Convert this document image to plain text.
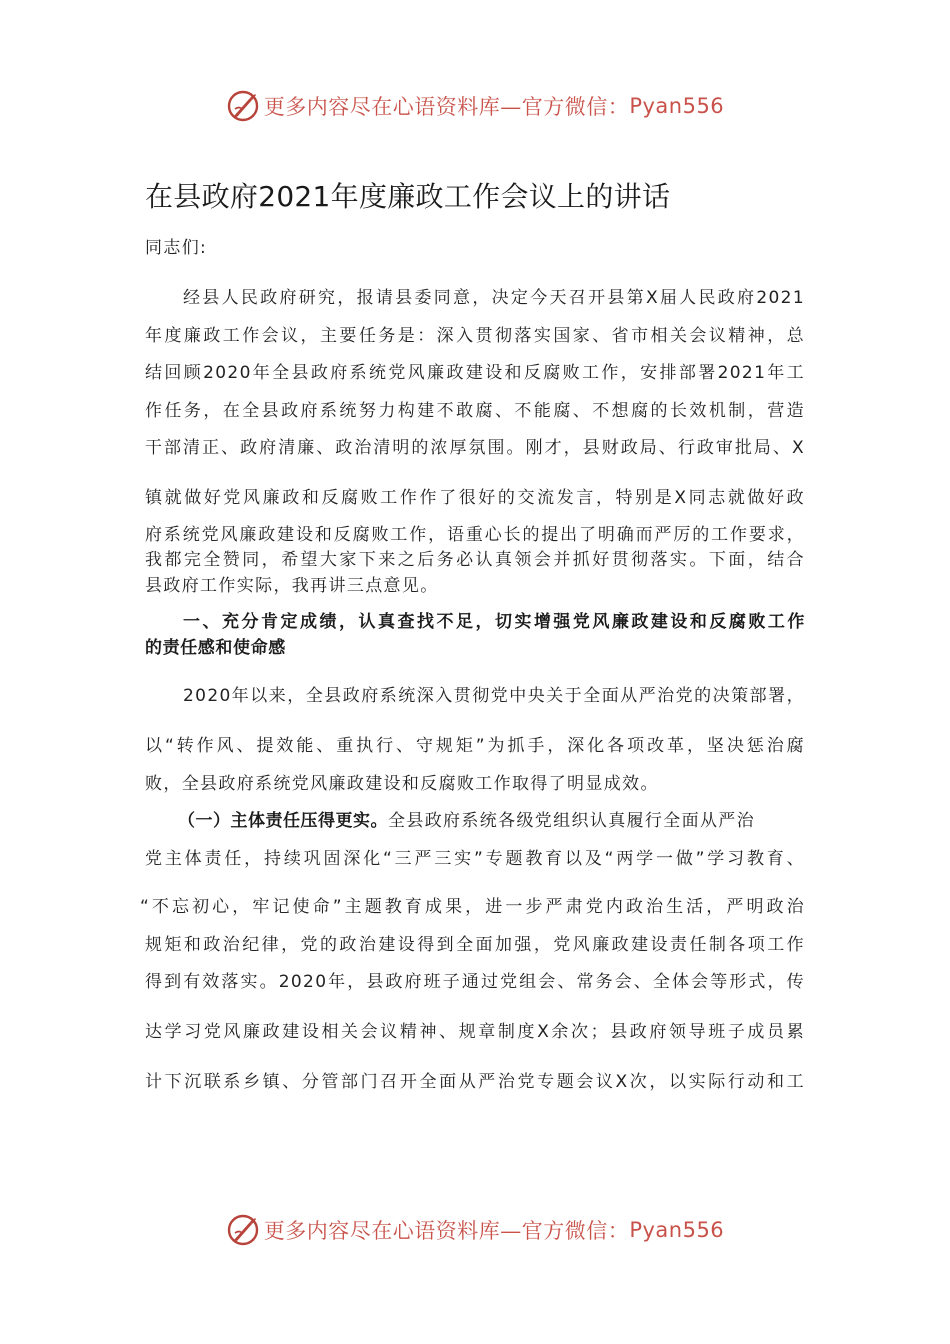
更多内容尽在心语资料库—官方微信： Pyan556
在县政府2021年度廉政工作会议上的讲话
同志们:
经县人民政府研究，报请县委同意，决定今天召开县第X届人民政府2021
年度廉政工作会议，主要任务是：深入贯彻落实国家、省市相关会议精神，总
结回顾2020年全县政府系统党风廉政建设和反腐败工作，安排部署2021年工
作任务，在全县政府系统努力构建不敢腐、不能腐、不想腐的长效机制，营造
干部清正、政府清廉、政治清明的浓厚氛围。刚才，县财政局、行政审批局、X
镇就做好党风廉政和反腐败工作作了很好的交流发言，特别是X同志就做好政
府系统党风廉政建设和反腐败工作，语重心长的提出了明确而严厉的工作要求，
我都完全赞同，希望大家下来之后务必认真领会并抓好贯彻落实。下面，结合
县政府工作实际，我再讲三点意见。
一、充分肯定成绩，认真查找不足，切实增强党风廉政建设和反腐败工作
的责任感和使命感
2020年以来，全县政府系统深入贯彻党中央关于全面从严治党的决策部署，
以“转作风、提效能、重执行、守规矩”为抓手，深化各项改革，坚决惩治腐
败，全县政府系统党风廉政建设和反腐败工作取得了明显成效。
（一）主体责任压得更实。全县政府系统各级党组织认真履行全面从严治
党主体责任，持续巩固深化“三严三实”专题教育以及“两学一做”学习教育、
“不忘初心，牢记使命”主题教育成果，进一步严肃党内政治生活，严明政治
规矩和政治纪律，党的政治建设得到全面加强，党风廉政建设责任制各项工作
得到有效落实。2020年，县政府班子通过党组会、常务会、全体会等形式，传
达学习党风廉政建设相关会议精神、规章制度X余次；县政府领导班子成员累
计下沉联系乡镇、分管部门召开全面从严治党专题会议X次，以实际行动和工
更多内容尽在心语资料库—官方微信： Pyan556
